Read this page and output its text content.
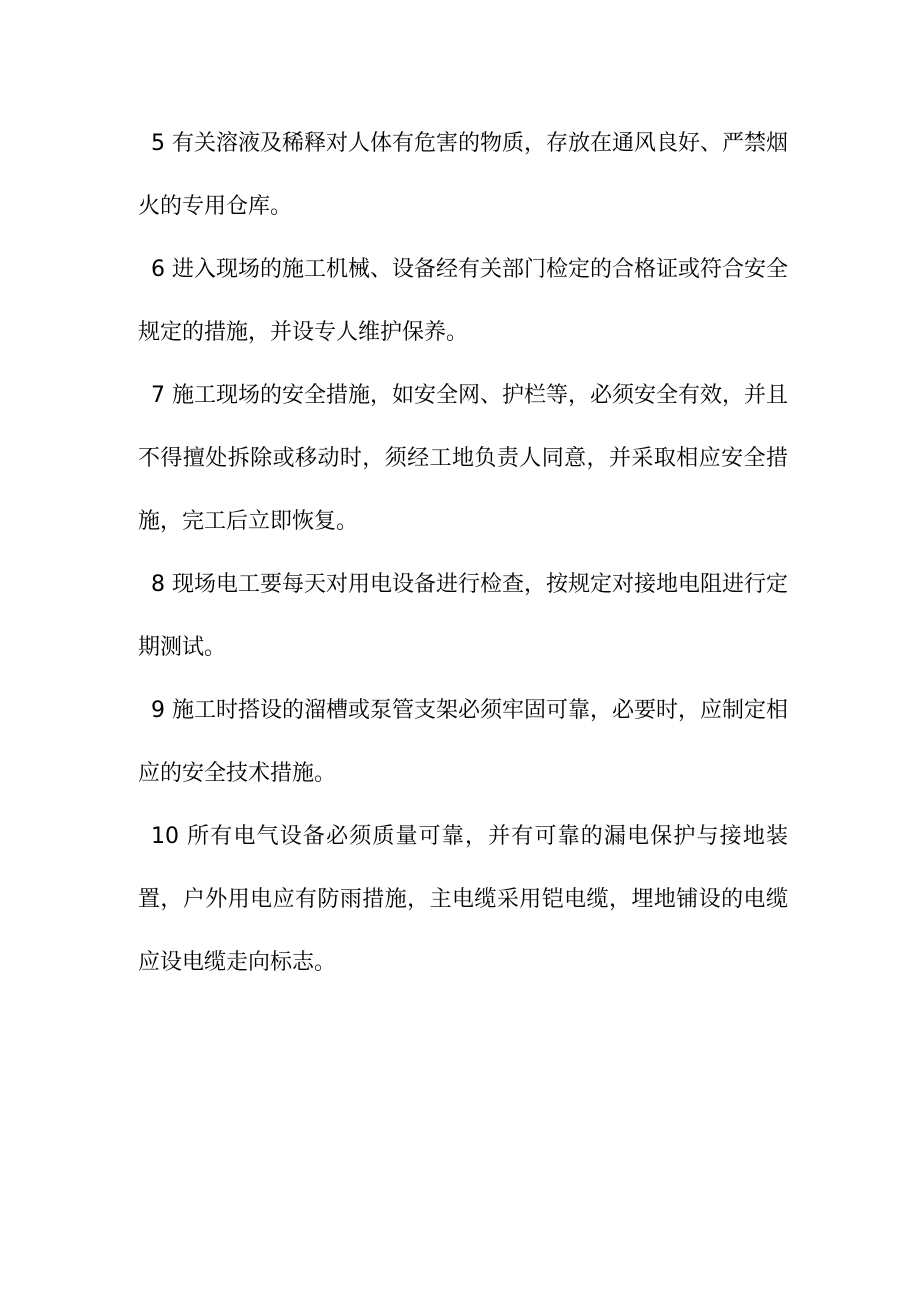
5 有关溶液及稀释对人体有危害的物质，存放在通风良好、严禁烟火的专用仓库。

6 进入现场的施工机械、设备经有关部门检定的合格证或符合安全规定的措施，并设专人维护保养。

7 施工现场的安全措施，如安全网、护栏等，必须安全有效，并且不得擅处拆除或移动时，须经工地负责人同意，并采取相应安全措施，完工后立即恢复。

8 现场电工要每天对用电设备进行检查，按规定对接地电阻进行定期测试。

9 施工时搭设的溜槽或泵管支架必须牢固可靠，必要时，应制定相应的安全技术措施。

10 所有电气设备必须质量可靠，并有可靠的漏电保护与接地装置，户外用电应有防雨措施，主电缆采用铠电缆，埋地铺设的电缆应设电缆走向标志。
